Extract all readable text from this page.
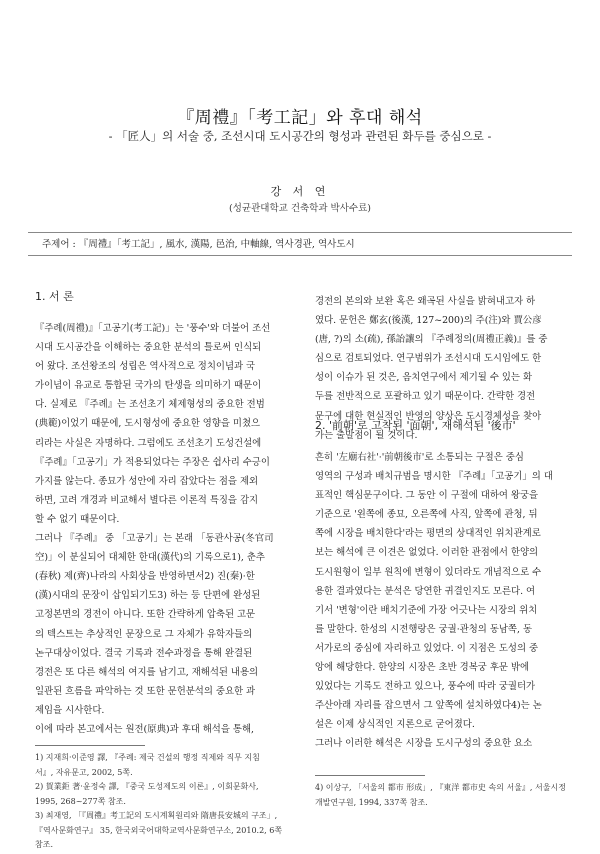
『周禮』「考工記」와 후대 해석
- 「匠人」의 서술 중, 조선시대 도시공간의 형성과 관련된 화두를 중심으로 -
강 서 연
(성균관대학교 건축학과 박사수료)
주제어 : 『周禮』「考工記」, 風水, 漢陽, 邑治, 中軸線, 역사경관, 역사도시
1. 서 론

『주례(周禮)』「고공기(考工記)」는 '풍수'와 더불어 조선

시대 도시공간을 이해하는 중요한 분석의 틀로써 인식되

어 왔다. 조선왕조의 성립은 역사적으로 정치이념과 국

가이념이 유교로 통합된 국가의 탄생을 의미하기 때문이

다. 실제로 『주례』는 조선초기 체제형성의 중요한 전범

(典範)이었기 때문에, 도시형성에 중요한 영향을 미쳤으

리라는 사실은 자명하다. 그럼에도 조선초기 도성건설에

『주례』「고공기」가 적용되었다는 주장은 쉽사리 수긍이

가지를 않는다. 종묘가 성안에 자리 잡았다는 점을 제외

하면, 고려 개경과 비교해서 별다른 이론적 특징을 감지

할 수 없기 때문이다.

그러나 『주례』 중 「고공기」는 본래 「동관사공(冬官司

空)」이 분실되어 대체한 한대(漢代)의 기록으로1), 춘추

(春秋) 제(齊)나라의 사회상을 반영하면서2) 진(秦)·한

(漢)시대의 문장이 삽입되기도3) 하는 등 단편에 완성된

고정본면의 경전이 아니다. 또한 간략하게 압축된 고문

의 텍스트는 추상적인 문장으로 그 자체가 유학자들의

논구대상이었다. 결국 기록과 전수과정을 통해 완결된

경전은 또 다른 해석의 여지를 남기고, 재해석된 내용의

일관된 흐름을 파악하는 것 또한 문헌분석의 중요한 과

제임을 시사한다.

이에 따라 본고에서는 원전(原典)과 후대 해석을 통해,

1) 지재희·이준영 譯, 『주례: 제국 건설의 행정 직제와 직무 지침

서』, 자유문고, 2002, 5쪽.

2) 賀業鉅 著·윤정숙 譯, 『중국 도성제도의 이론』, 이회문화사,

1995, 268~277쪽 참조.

3) 최재영, 「『周禮』考工記의 도시계획원리와 隋唐長安城의 구조」,

『역사문화연구』 35, 한국외국어대학교역사문화연구소, 2010.2, 6쪽

참조.

경전의 본의와 보완 혹은 왜곡된 사실을 밝혀내고자 하

였다. 문헌은 鄭玄(後漢, 127~200)의 주(注)와 賈公彦

(唐, ?)의 소(疏), 孫詒讓의 『주례정의(周禮正義)』를 중

심으로 검토되었다. 연구범위가 조선시대 도시임에도 한

성이 이슈가 된 것은, 음치연구에서 제기될 수 있는 화

두를 전반적으로 포괄하고 있기 때문이다. 간략한 경전

문구에 대한 현실적인 반영의 양상은 도시경체성을 찾아

가는 출발점이 될 것이다.

2. '前朝'로 고착된 '面朝', 재해석된 '後市'

흔히 '左廟右社'·'前朝後市'로 소통되는 구절은 중심

영역의 구성과 배치규범을 명시한 『주례』「고공기」의 대

표적인 핵심문구이다. 그 동안 이 구절에 대하여 왕궁을

기준으로 '왼쪽에 종묘, 오른쪽에 사직, 앞쪽에 관청, 뒤

쪽에 시장을 배치한다'라는 평면의 상대적인 위치관계로

보는 해석에 큰 이견은 없었다. 이러한 관점에서 한양의

도시원형이 일부 원칙에 변형이 있더라도 개념적으로 수

용한 결과였다는 분석은 당연한 귀결인지도 모른다. 여

기서 '변형'이란 배치기준에 가장 어긋나는 시장의 위치

를 말한다. 한성의 시전행랑은 궁궐·관청의 동남쪽, 동

서가로의 중심에 자리하고 있었다. 이 지점은 도성의 중

앙에 해당한다. 한양의 시장은 초반 경복궁 후문 밖에

있었다는 기록도 전하고 있으나, 풍수에 따라 궁궐터가

주산아래 자리를 잡으면서 그 앞쪽에 설치하였다4)는 논

설은 이제 상식적인 지론으로 굳어졌다.

그러나 이러한 해석은 시장을 도시구성의 중요한 요소

4) 이상구, 「서울의 都市 形成」, 『東洋 都市史 속의 서울』, 서울시정

개발연구원, 1994, 337쪽 참조.
